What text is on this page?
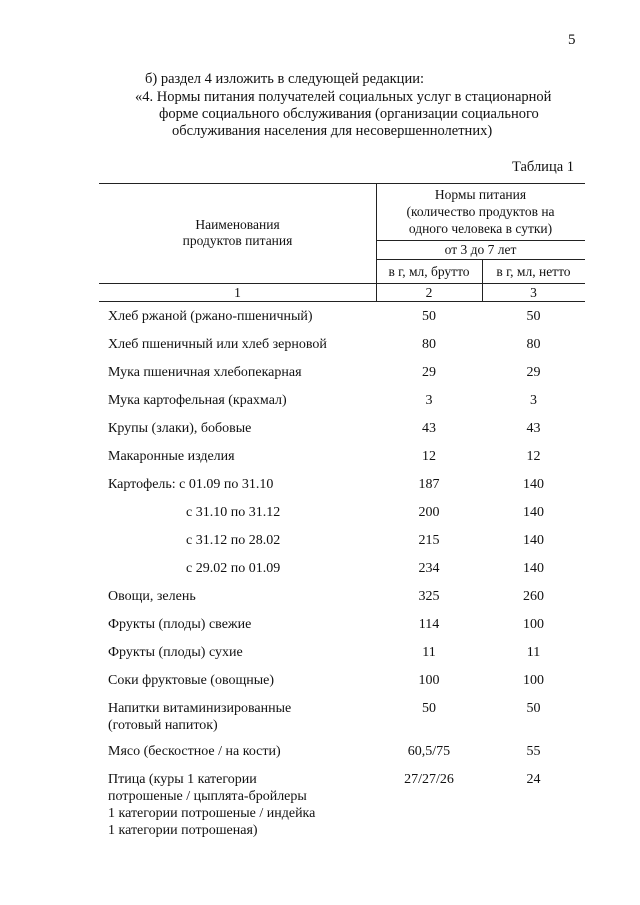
5
б) раздел 4 изложить в следующей редакции:
«4. Нормы питания получателей социальных услуг в стационарной
форме социального обслуживания (организации социального
обслуживания населения для несовершеннолетних)
Таблица 1
Наименования
продуктов питания
Нормы питания
(количество продуктов на
одного человека в сутки)
от 3 до 7 лет
в г, мл, брутто	в г, мл, нетто
1	2	3
Хлеб ржаной (ржано-пшеничный)	50	50
Хлеб пшеничный или хлеб зерновой	80	80
Мука пшеничная хлебопекарная	29	29
Мука картофельная (крахмал)	3	3
Крупы (злаки), бобовые	43	43
Макаронные изделия	12	12
Картофель: с 01.09 по 31.10	187	140
с 31.10 по 31.12	200	140
с 31.12 по 28.02	215	140
с 29.02 по 01.09	234	140
Овощи, зелень	325	260
Фрукты (плоды) свежие	114	100
Фрукты (плоды) сухие	11	11
Соки фруктовые (овощные)	100	100
Напитки витаминизированные
(готовый напиток)
50	50
Мясо (бескостное / на кости)	60,5/75	55
Птица (куры 1 категории
потрошеные / цыплята-бройлеры
1 категории потрошеные / индейка
1 категории потрошеная)
27/27/26	24
